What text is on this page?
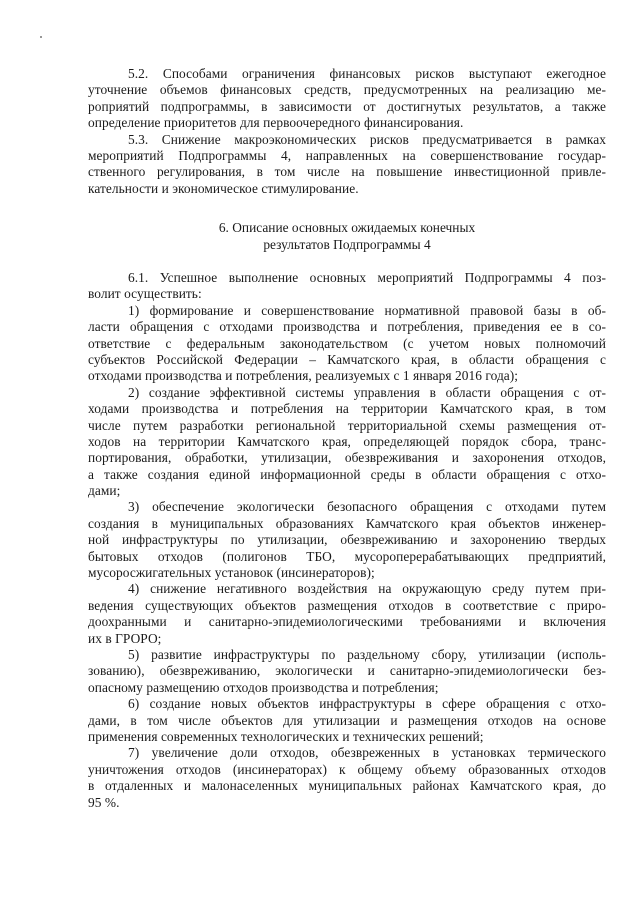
5.2. Способами ограничения финансовых рисков выступают ежегодное
уточнение объемов финансовых средств, предусмотренных на реализацию ме-
роприятий подпрограммы, в зависимости от достигнутых результатов, а также
определение приоритетов для первоочередного финансирования.
5.3. Снижение макроэкономических рисков предусматривается в рамках
мероприятий Подпрограммы 4, направленных на совершенствование государ-
ственного регулирования, в том числе на повышение инвестиционной привле-
кательности и экономическое стимулирование.
6. Описание основных ожидаемых конечных
результатов Подпрограммы 4
6.1. Успешное выполнение основных мероприятий Подпрограммы 4 поз-
волит осуществить:
1) формирование и совершенствование нормативной правовой базы в об-
ласти обращения с отходами производства и потребления, приведения ее в со-
ответствие с федеральным законодательством (с учетом новых полномочий
субъектов Российской Федерации – Камчатского края, в области обращения с
отходами производства и потребления, реализуемых с 1 января 2016 года);
2) создание эффективной системы управления в области обращения с от-
ходами производства и потребления на территории Камчатского края, в том
числе путем разработки региональной территориальной схемы размещения от-
ходов на территории Камчатского края, определяющей порядок сбора, транс-
портирования, обработки, утилизации, обезвреживания и захоронения отходов,
а также создания единой информационной среды в области обращения с отхо-
дами;
3) обеспечение экологически безопасного обращения с отходами путем
создания в муниципальных образованиях Камчатского края объектов инженер-
ной инфраструктуры по утилизации, обезвреживанию и захоронению твердых
бытовых отходов (полигонов ТБО, мусороперерабатывающих предприятий,
мусоросжигательных установок (инсинераторов);
4) снижение негативного воздействия на окружающую среду путем при-
ведения существующих объектов размещения отходов в соответствие с приро-
доохранными и санитарно-эпидемиологическими требованиями и включения
их в ГРОРО;
5) развитие инфраструктуры по раздельному сбору, утилизации (исполь-
зованию), обезвреживанию, экологически и санитарно-эпидемиологически без-
опасному размещению отходов производства и потребления;
6) создание новых объектов инфраструктуры в сфере обращения с отхо-
дами, в том числе объектов для утилизации и размещения отходов на основе
применения современных технологических и технических решений;
7) увеличение доли отходов, обезвреженных в установках термического
уничтожения отходов (инсинераторах) к общему объему образованных отходов
в отдаленных и малонаселенных муниципальных районах Камчатского края, до
95 %.
